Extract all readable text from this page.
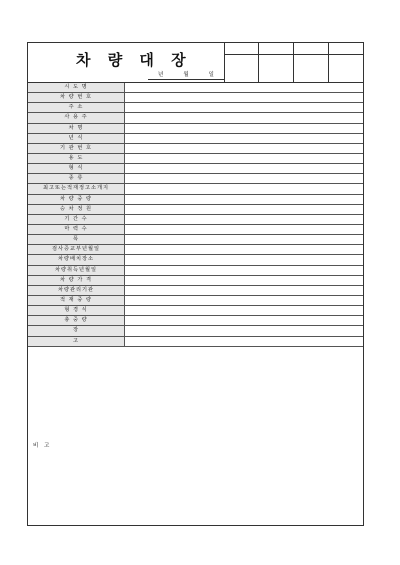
차 량 대 장
년	월	일
시 도 명
차 량 번 호
주 소
사 용 주
차 명
년 식
기 관 번 호
용 도
형 식
종 류
최고또는적재정고소개지
차 량 중 량
승 차 정 원
기 간 수
마 력 수
폭
검사증교부년월일
차량배치장소
차량취득년월일
차 량 가 격
차량관리기관
적 재 중 량
형 경 식
총 중 량
장
고
비 고
